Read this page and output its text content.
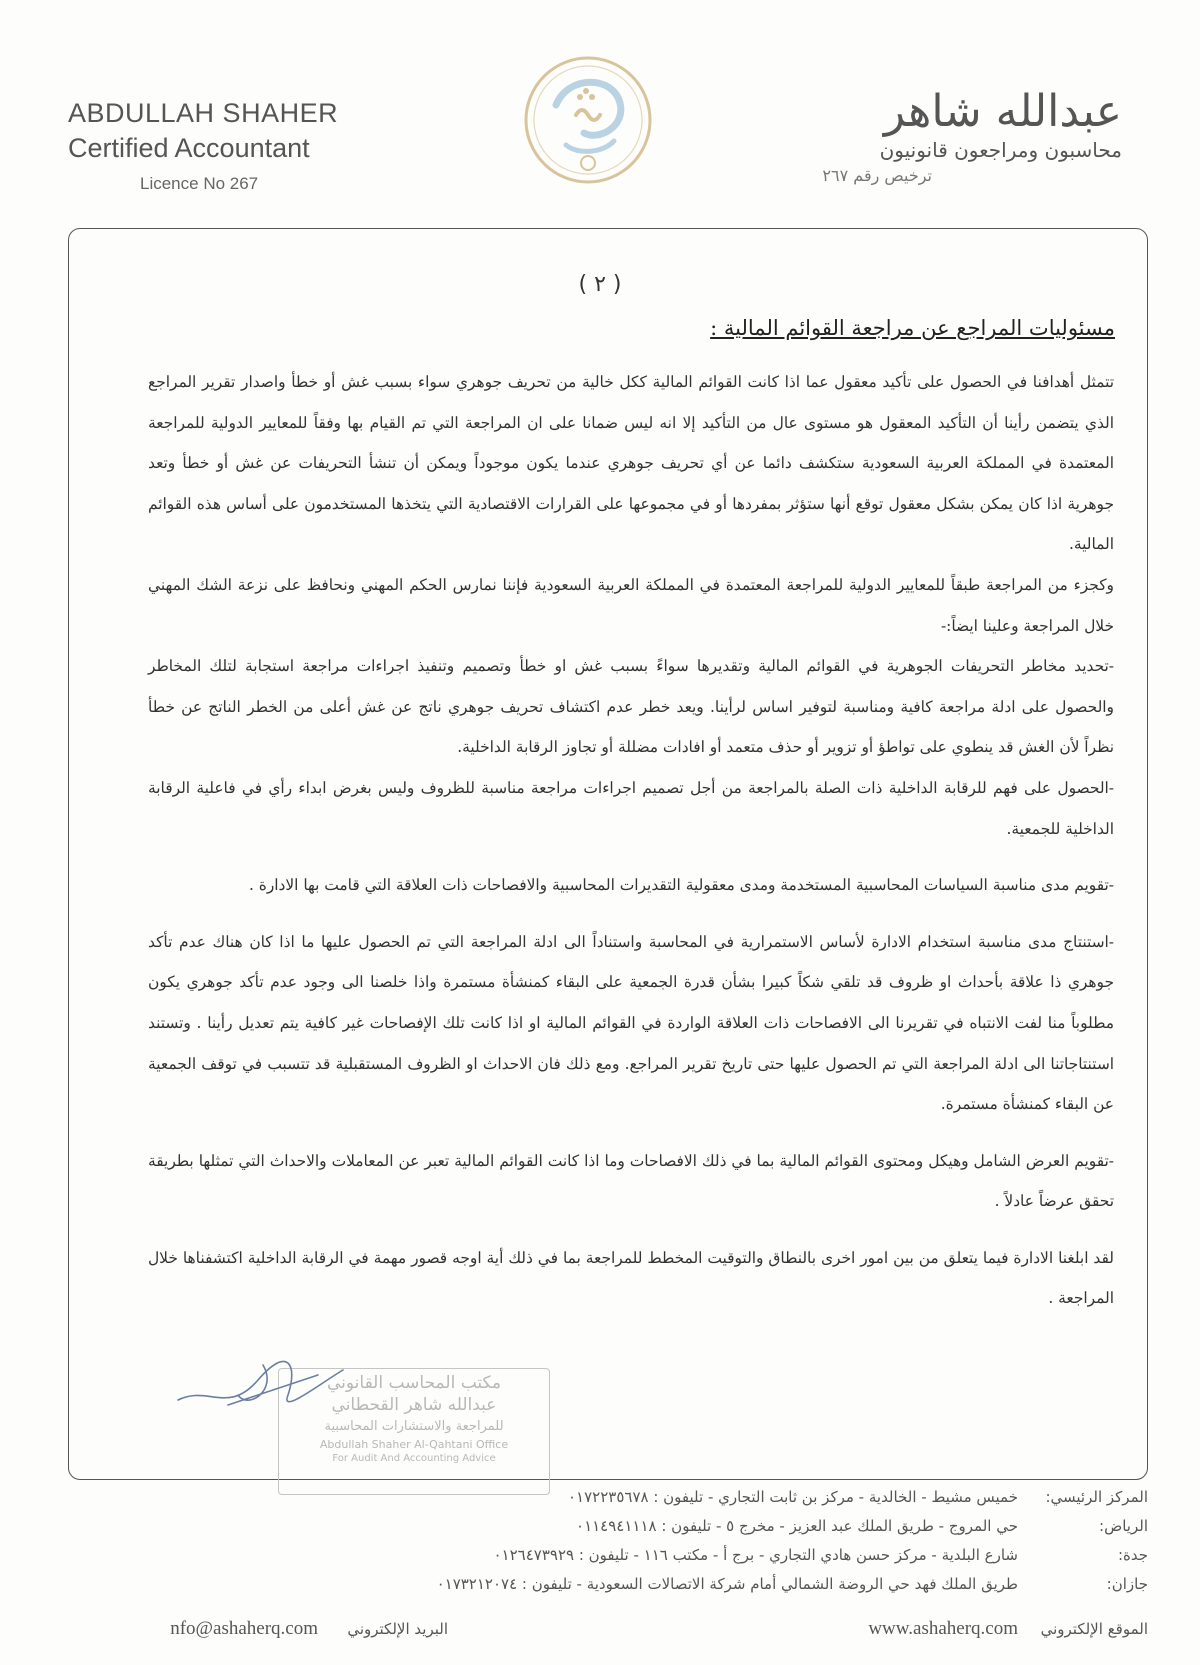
ABDULLAH SHAHER
Certified Accountant
Licence No 267
عبدالله شاهر
محاسبون ومراجعون قانونيون
ترخيص رقم ٢٦٧
( ٢ )
مسئوليات المراجع عن مراجعة القوائم المالية :

تتمثل أهدافنا في الحصول على تأكيد معقول عما اذا كانت القوائم المالية ككل خالية من تحريف جوهري سواء بسبب غش أو خطأ واصدار تقرير المراجع الذي يتضمن رأينا أن التأكيد المعقول هو مستوى عال من التأكيد إلا انه ليس ضمانا على ان المراجعة التي تم القيام بها وفقاً للمعايير الدولية للمراجعة المعتمدة في المملكة العربية السعودية ستكشف دائما عن أي تحريف جوهري عندما يكون موجوداً ويمكن أن تنشأ التحريفات عن غش أو خطأ وتعد جوهرية اذا كان يمكن بشكل معقول توقع أنها ستؤثر بمفردها أو في مجموعها على القرارات الاقتصادية التي يتخذها المستخدمون على أساس هذه القوائم المالية.

وكجزء من المراجعة طبقاً للمعايير الدولية للمراجعة المعتمدة في المملكة العربية السعودية فإننا نمارس الحكم المهني ونحافظ على نزعة الشك المهني خلال المراجعة وعلينا ايضاً:-

-تحديد مخاطر التحريفات الجوهرية في القوائم المالية وتقديرها سواءً بسبب غش او خطأ وتصميم وتنفيذ اجراءات مراجعة استجابة لتلك المخاطر والحصول على ادلة مراجعة كافية ومناسبة لتوفير اساس لرأينا. ويعد خطر عدم اكتشاف تحريف جوهري ناتج عن غش أعلى من الخطر الناتج عن خطأ نظراً لأن الغش قد ينطوي على تواطؤ أو تزوير أو حذف متعمد أو افادات مضللة أو تجاوز الرقابة الداخلية.

-الحصول على فهم للرقابة الداخلية ذات الصلة بالمراجعة من أجل تصميم اجراءات مراجعة مناسبة للظروف وليس بغرض ابداء رأي في فاعلية الرقابة الداخلية للجمعية.

-تقويم مدى مناسبة السياسات المحاسبية المستخدمة ومدى معقولية التقديرات المحاسبية والافصاحات ذات العلاقة التي قامت بها الادارة .

-استنتاج مدى مناسبة استخدام الادارة لأساس الاستمرارية في المحاسبة واستناداً الى ادلة المراجعة التي تم الحصول عليها ما اذا كان هناك عدم تأكد جوهري ذا علاقة بأحداث او ظروف قد تلقي شكاً كبيرا بشأن قدرة الجمعية على البقاء كمنشأة مستمرة واذا خلصنا الى وجود عدم تأكد جوهري يكون مطلوباً منا لفت الانتباه في تقريرنا الى الافصاحات ذات العلاقة الواردة في القوائم المالية او اذا كانت تلك الإفصاحات غير كافية يتم تعديل رأينا . وتستند استنتاجاتنا الى ادلة المراجعة التي تم الحصول عليها حتى تاريخ تقرير المراجع. ومع ذلك فان الاحداث او الظروف المستقبلية قد تتسبب في توقف الجمعية عن البقاء كمنشأة مستمرة.

-تقويم العرض الشامل وهيكل ومحتوى القوائم المالية بما في ذلك الافصاحات وما اذا كانت القوائم المالية تعبر عن المعاملات والاحداث التي تمثلها بطريقة تحقق عرضاً عادلاً .

لقد ابلغنا الادارة فيما يتعلق من بين امور اخرى بالنطاق والتوقيت المخطط للمراجعة بما في ذلك أية اوجه قصور مهمة في الرقابة الداخلية اكتشفناها خلال المراجعة .

مكتب المحاسب القانوني
عبدالله شاهر القحطاني
للمراجعة والاستشارات المحاسبية
Abdullah Shaher Al-Qahtani Office
For Audit And Accounting Advice
المركز الرئيسي:
خميس مشيط - الخالدية - مركز بن ثابت التجاري - تليفون : ٠١٧٢٢٣٥٦٧٨
الرياض:
حي المروج - طريق الملك عبد العزيز - مخرج ٥ - تليفون : ٠١١٤٩٤١١١٨
جدة:
شارع البلدية - مركز حسن هادي التجاري - برج أ - مكتب ١١٦ - تليفون : ٠١٢٦٤٧٣٩٢٩
جازان:
طريق الملك فهد حي الروضة الشمالي أمام شركة الاتصالات السعودية - تليفون : ٠١٧٣٢١٢٠٧٤
الموقع الإلكتروني
www.ashaherq.com
البريد الإلكتروني
nfo@ashaherq.com
